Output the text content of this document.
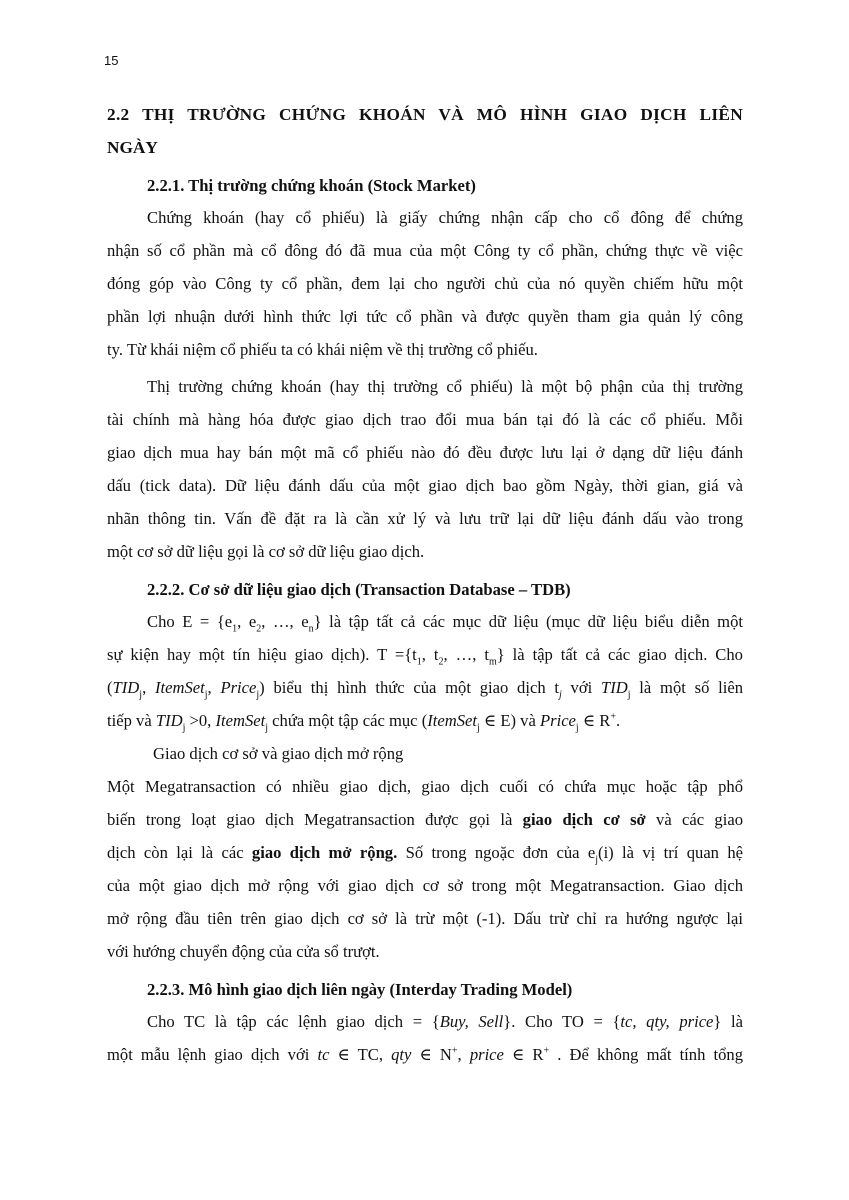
15
2.2 THỊ TRƯỜNG CHỨNG KHOÁN VÀ MÔ HÌNH GIAO DỊCH LIÊN
NGÀY
2.2.1. Thị trường chứng khoán (Stock Market)
Chứng khoán (hay cổ phiếu) là giấy chứng nhận cấp cho cổ đông để chứng
nhận số cổ phần mà cổ đông đó đã mua của một Công ty cổ phần, chứng thực về việc
đóng góp vào Công ty cổ phần, đem lại cho người chủ của nó quyền chiếm hữu một
phần lợi nhuận dưới hình thức lợi tức cổ phần và được quyền tham gia quản lý công
ty. Từ khái niệm cổ phiếu ta có khái niệm về thị trường cổ phiếu.
Thị trường chứng khoán (hay thị trường cổ phiếu) là một bộ phận của thị trường
tài chính mà hàng hóa được giao dịch trao đổi mua bán tại đó là các cổ phiếu. Mỗi
giao dịch mua hay bán một mã cổ phiếu nào đó đều được lưu lại ở dạng dữ liệu đánh
dấu (tick data). Dữ liệu đánh dấu của một giao dịch bao gồm Ngày, thời gian, giá và
nhãn thông tin. Vấn đề đặt ra là cần xử lý và lưu trữ lại dữ liệu đánh dấu vào trong
một cơ sở dữ liệu gọi là cơ sở dữ liệu giao dịch.
2.2.2. Cơ sở dữ liệu giao dịch (Transaction Database – TDB)
Cho $E = \{e_1$, $e_2$, …, $e_n$} là tập tất cả các mục dữ liệu (mục dữ liệu biểu diễn một
sự kiện hay một tín hiệu giao dịch). $T =\{t_1$, $t_2$, …, $t_m$} là tập tất cả các giao dịch. Cho
($TID_j$, ItemSet$_j$, Price$_j$) biểu thị hình thức của một giao dịch $t_j$ với $TID_j$ là một số liên
tiếp và $TID_j >0$, ItemSet$_j$ chứa một tập các mục (ItemSet$_j$ ∈ E) và Price$_j$ ∈ R+.

Giao dịch cơ sở và giao dịch mở rộng

Một Megatransaction có nhiều giao dịch, giao dịch cuối có chứa mục hoặc tập phổ
biến trong loạt giao dịch Megatransaction được gọi là giao dịch cơ sở và các giao
dịch còn lại là các giao dịch mở rộng. Số trong ngoặc đơn của $e_j(i)$ là vị trí quan hệ
của một giao dịch mở rộng với giao dịch cơ sở trong một Megatransaction. Giao dịch
mở rộng đầu tiên trên giao dịch cơ sở là trừ một (-1). Dấu trừ chỉ ra hướng ngược lại
với hướng chuyển động của cửa sổ trượt.
2.2.3. Mô hình giao dịch liên ngày (Interday Trading Model)
Cho TC là tập các lệnh giao dịch = {Buy, Sell}. Cho TO = {tc, qty, price} là
một mẫu lệnh giao dịch với tc ∈ TC, qty ∈ N+, price ∈ R+ . Để không mất tính tổng
